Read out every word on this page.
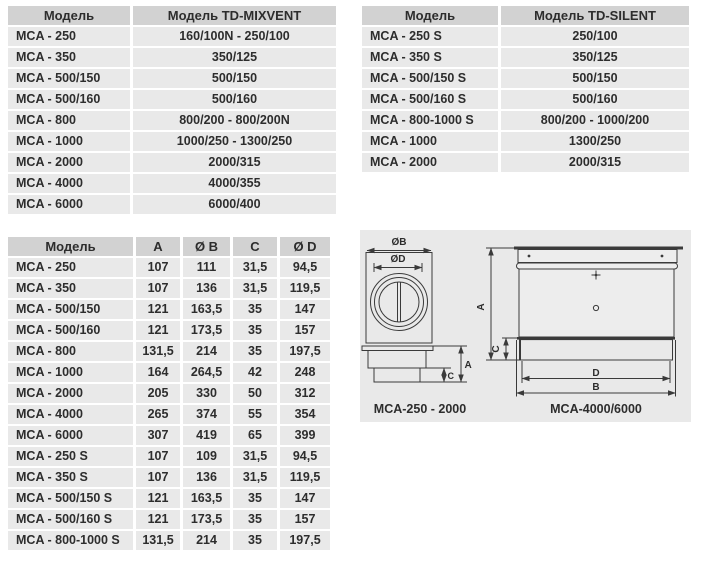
Модель	Модель TD-MIXVENT
MCA - 250	160/100N - 250/100
MCA - 350	350/125
MCA - 500/150	500/150
MCA - 500/160	500/160
MCA - 800	800/200 - 800/200N
MCA - 1000	1000/250 - 1300/250
MCA - 2000	2000/315
MCA - 4000	4000/355
MCA - 6000	6000/400
Модель	Модель TD-SILENT
MCA - 250 S	250/100
MCA - 350 S	350/125
MCA - 500/150 S	500/150
MCA - 500/160 S	500/160
MCA - 800-1000 S	800/200 - 1000/200
MCA - 1000	1300/250
MCA - 2000	2000/315
Модель	A	Ø B	C	Ø D
MCA - 250	107	111	31,5	94,5
MCA - 350	107	136	31,5	119,5
MCA - 500/150	121	163,5	35	147
MCA - 500/160	121	173,5	35	157
MCA - 800	131,5	214	35	197,5
MCA - 1000	164	264,5	42	248
MCA - 2000	205	330	50	312
MCA - 4000	265	374	55	354
MCA - 6000	307	419	65	399
MCA - 250 S	107	109	31,5	94,5
MCA - 350 S	107	136	31,5	119,5
MCA - 500/150 S	121	163,5	35	147
MCA - 500/160 S	121	173,5	35	157
MCA - 800-1000 S	131,5	214	35	197,5
ØB
ØD
C
A
MCA-250 - 2000
A
C
D
B
MCA-4000/6000
